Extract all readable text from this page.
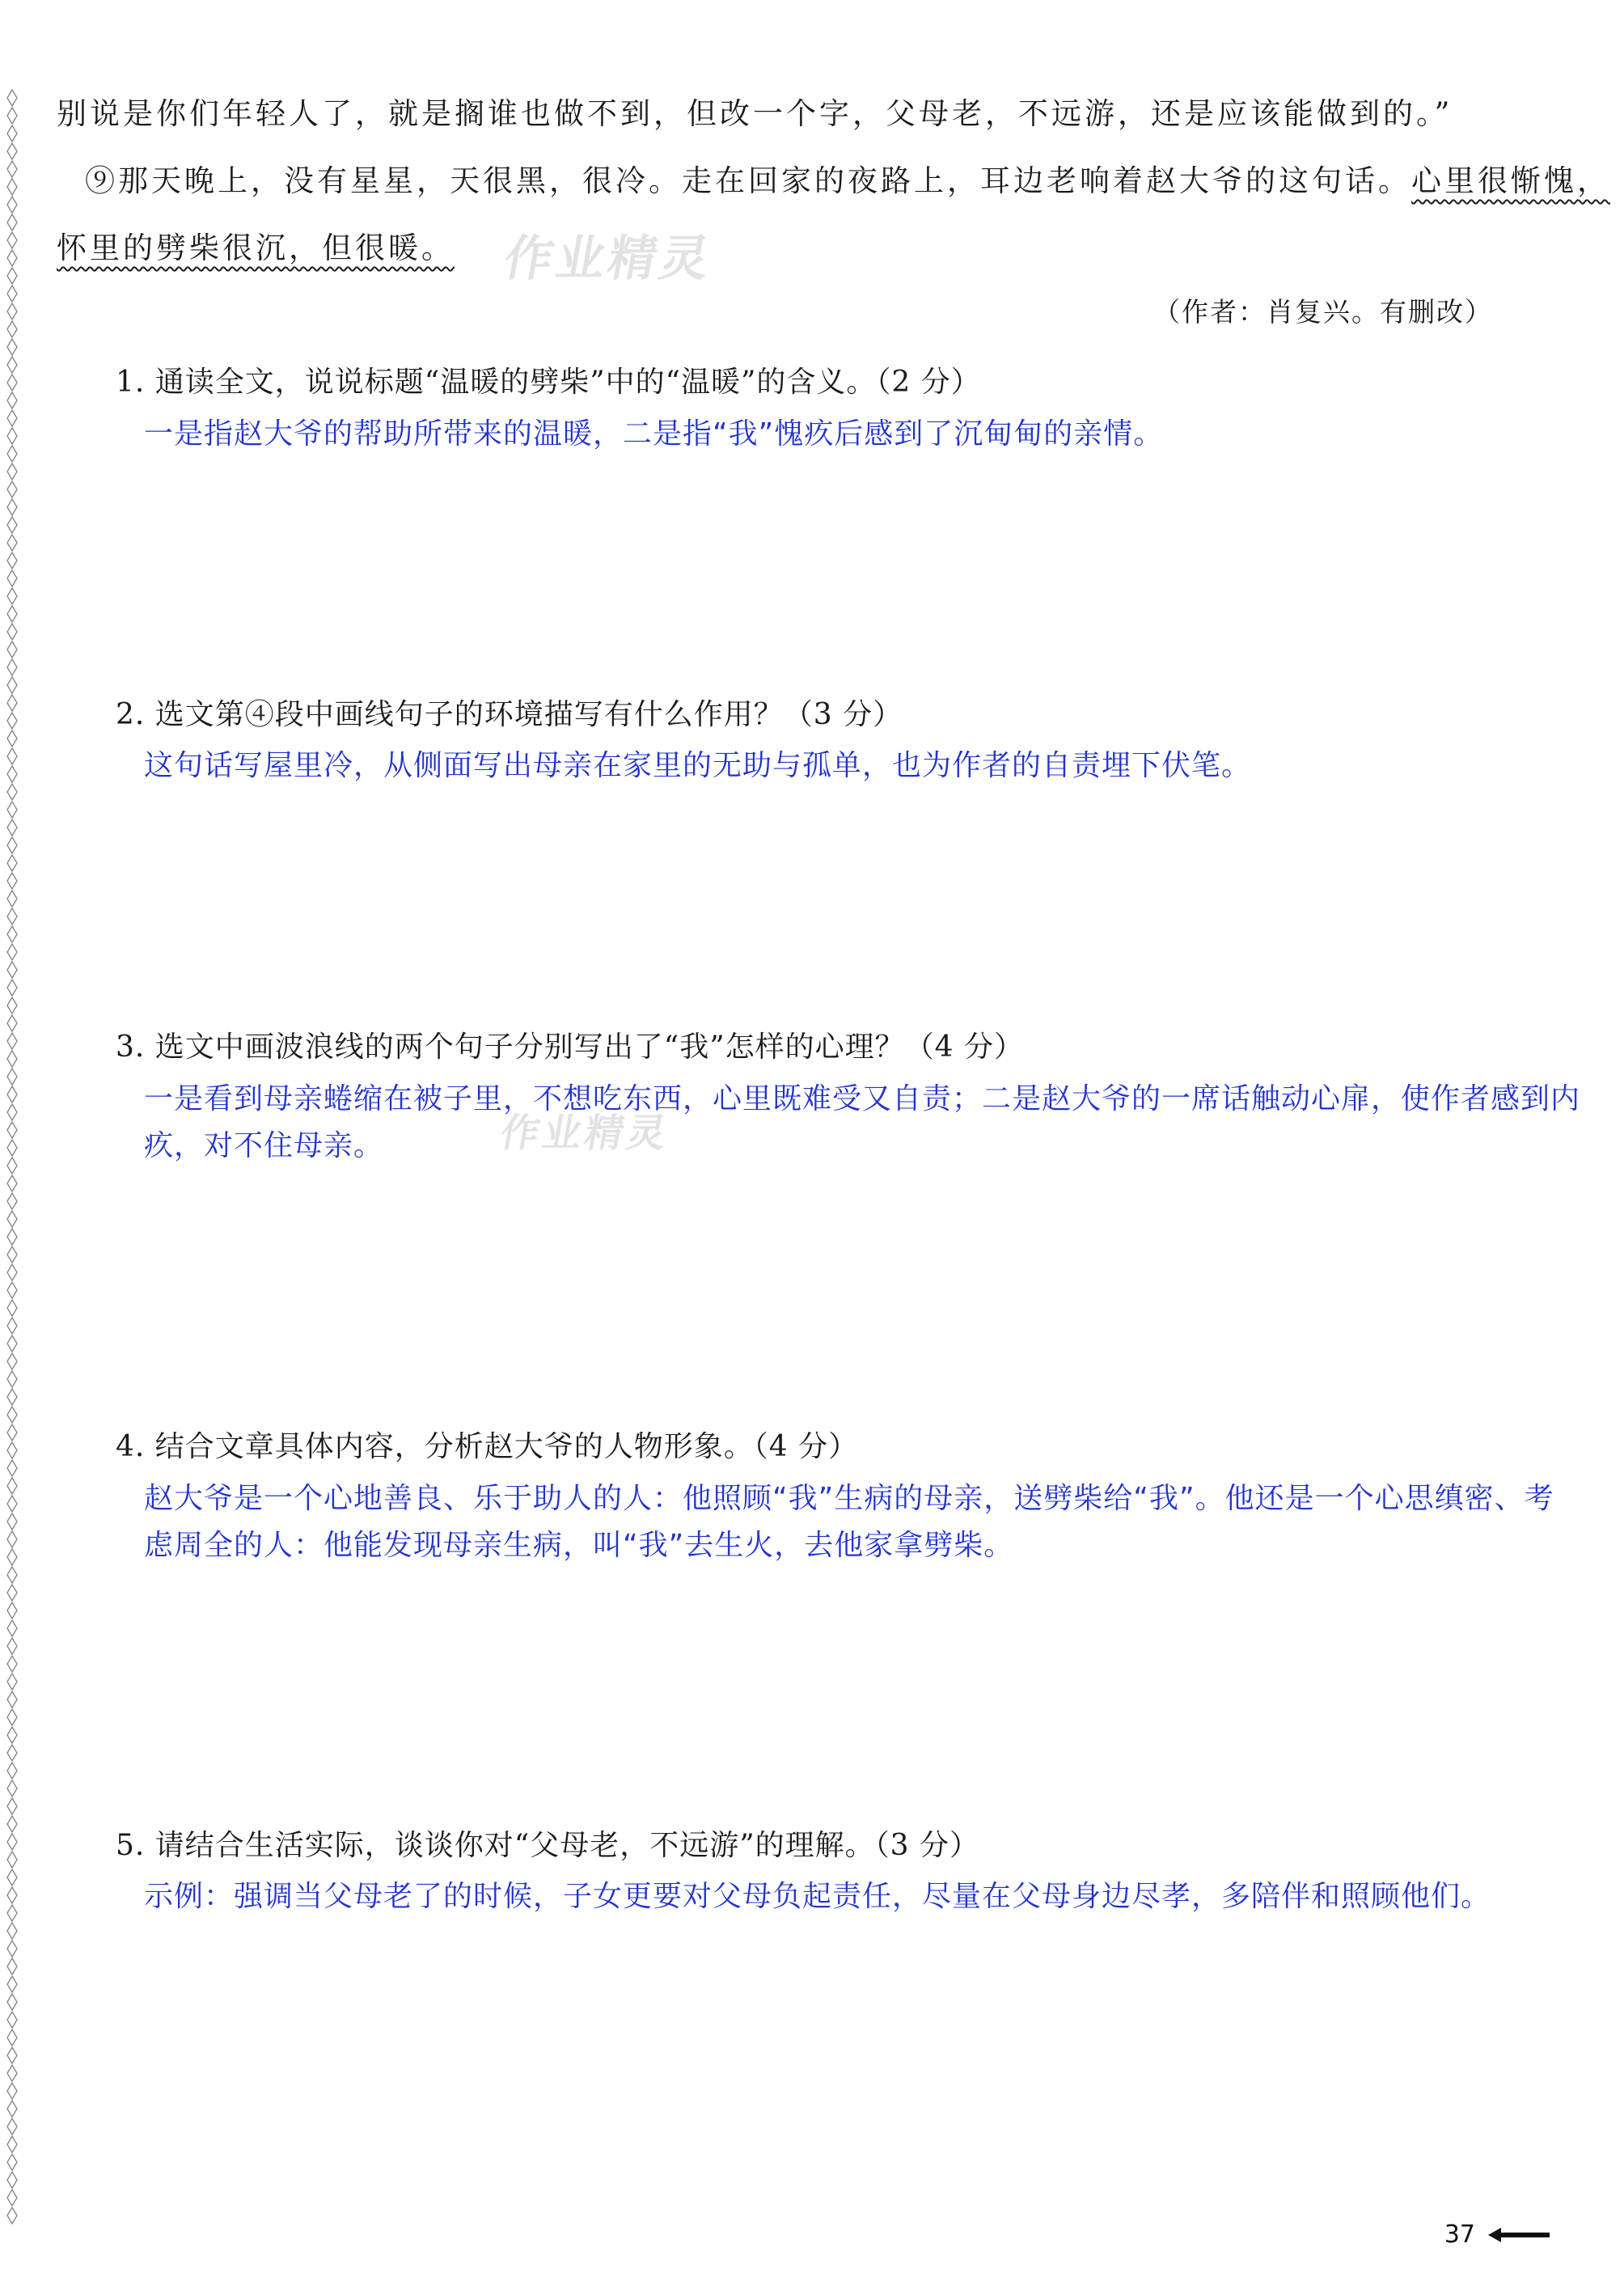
别说是你们年轻人了，就是搁谁也做不到，但改一个字，父母老，不远游，还是应该能做到的。”
⑨那天晚上，没有星星，天很黑，很冷。走在回家的夜路上，耳边老响着赵大爷的这句话。心里很惭愧，
怀里的劈柴很沉，但很暖。 作业精灵
（作者：肖复兴。有删改）
1. 通读全文，说说标题“温暖的劈柴”中的“温暖”的含义。（2 分）
一是指赵大爷的帮助所带来的温暖，二是指“我”愧疚后感到了沉甸甸的亲情。
2. 选文第④段中画线句子的环境描写有什么作用？（3 分）
这句话写屋里冷，从侧面写出母亲在家里的无助与孤单，也为作者的自责埋下伏笔。
3. 选文中画波浪线的两个句子分别写出了“我”怎样的心理？（4 分）
一是看到母亲蜷缩在被子里，不想吃东西，心里既难受又自责；二是赵大爷的一席话触动心扉，使作者感到内疚，对不住母亲。	作业精灵
4. 结合文章具体内容，分析赵大爷的人物形象。（4 分）
赵大爷是一个心地善良、乐于助人的人：他照顾“我”生病的母亲，送劈柴给“我”。他还是一个心思缜密、考虑周全的人：他能发现母亲生病，叫“我”去生火，去他家拿劈柴。
5. 请结合生活实际，谈谈你对“父母老，不远游”的理解。（3 分）
示例：强调当父母老了的时候，子女更要对父母负起责任，尽量在父母身边尽孝，多陪伴和照顾他们。
37
